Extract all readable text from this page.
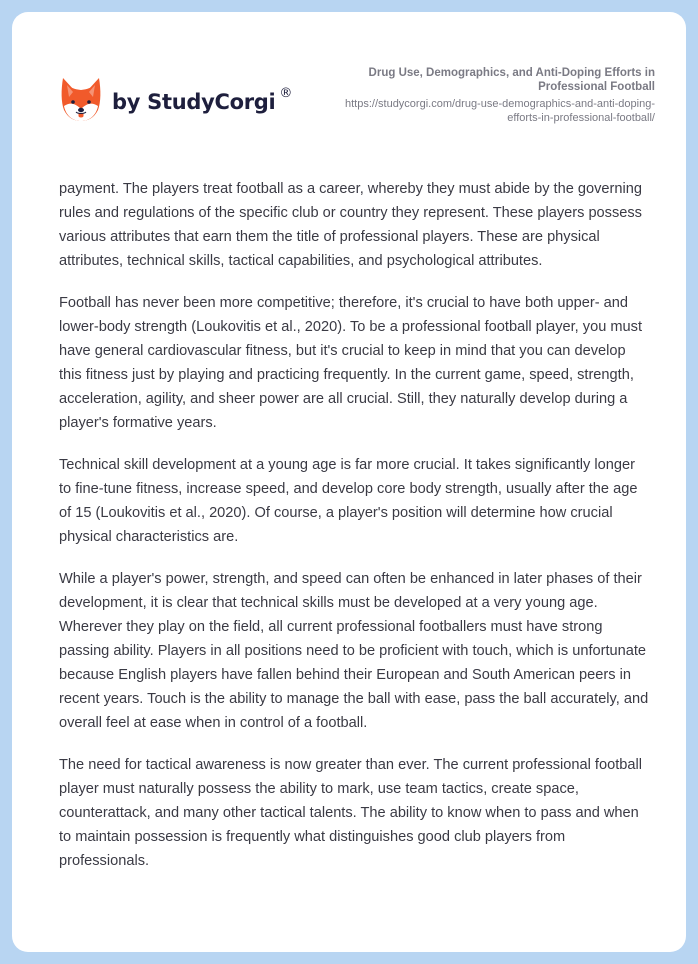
by StudyCorgi ®
Drug Use, Demographics, and Anti-Doping Efforts in Professional Football
https://studycorgi.com/drug-use-demographics-and-anti-doping-efforts-in-professional-football/

payment. The players treat football as a career, whereby they must abide by the governing rules and regulations of the specific club or country they represent. These players possess various attributes that earn them the title of professional players. These are physical attributes, technical skills, tactical capabilities, and psychological attributes.

Football has never been more competitive; therefore, it's crucial to have both upper- and lower-body strength (Loukovitis et al., 2020). To be a professional football player, you must have general cardiovascular fitness, but it's crucial to keep in mind that you can develop this fitness just by playing and practicing frequently. In the current game, speed, strength, acceleration, agility, and sheer power are all crucial. Still, they naturally develop during a player's formative years.

Technical skill development at a young age is far more crucial. It takes significantly longer to fine-tune fitness, increase speed, and develop core body strength, usually after the age of 15 (Loukovitis et al., 2020). Of course, a player's position will determine how crucial physical characteristics are.

While a player's power, strength, and speed can often be enhanced in later phases of their development, it is clear that technical skills must be developed at a very young age. Wherever they play on the field, all current professional footballers must have strong passing ability. Players in all positions need to be proficient with touch, which is unfortunate because English players have fallen behind their European and South American peers in recent years. Touch is the ability to manage the ball with ease, pass the ball accurately, and overall feel at ease when in control of a football.

The need for tactical awareness is now greater than ever. The current professional football player must naturally possess the ability to mark, use team tactics, create space, counterattack, and many other tactical talents. The ability to know when to pass and when to maintain possession is frequently what distinguishes good club players from professionals.
